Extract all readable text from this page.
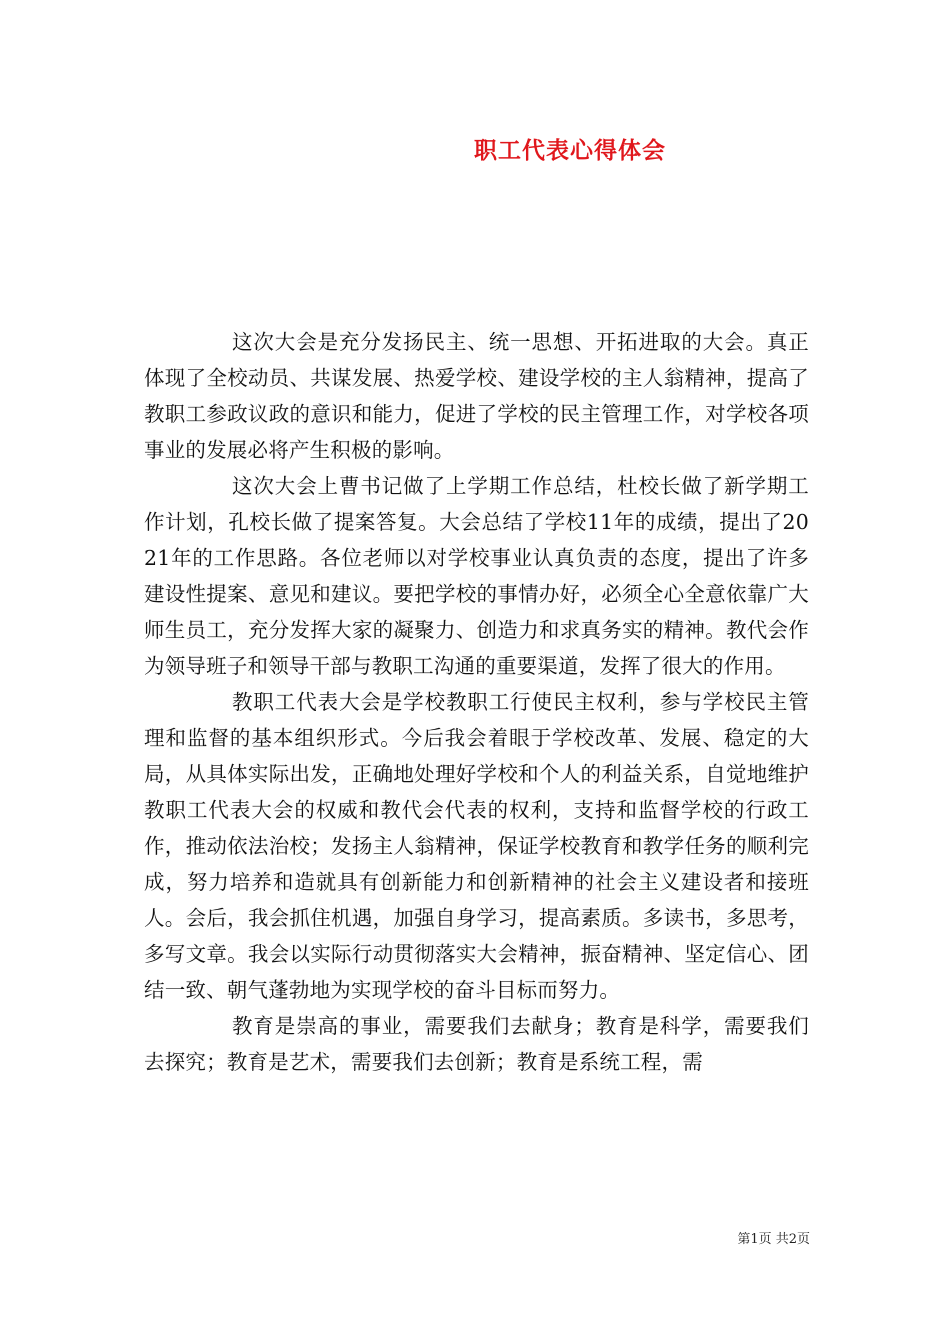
职工代表心得体会

这次大会是充分发扬民主、统一思想、开拓进取的大会。真正体现了全校动员、共谋发展、热爱学校、建设学校的主人翁精神，提高了教职工参政议政的意识和能力，促进了学校的民主管理工作，对学校各项事业的发展必将产生积极的影响。

这次大会上曹书记做了上学期工作总结，杜校长做了新学期工作计划，孔校长做了提案答复。大会总结了学校11年的成绩，提出了2021年的工作思路。各位老师以对学校事业认真负责的态度，提出了许多建设性提案、意见和建议。要把学校的事情办好，必须全心全意依靠广大师生员工，充分发挥大家的凝聚力、创造力和求真务实的精神。教代会作为领导班子和领导干部与教职工沟通的重要渠道，发挥了很大的作用。

教职工代表大会是学校教职工行使民主权利，参与学校民主管理和监督的基本组织形式。今后我会着眼于学校改革、发展、稳定的大局，从具体实际出发，正确地处理好学校和个人的利益关系，自觉地维护教职工代表大会的权威和教代会代表的权利，支持和监督学校的行政工作，推动依法治校；发扬主人翁精神，保证学校教育和教学任务的顺利完成，努力培养和造就具有创新能力和创新精神的社会主义建设者和接班人。会后，我会抓住机遇，加强自身学习，提高素质。多读书，多思考，多写文章。我会以实际行动贯彻落实大会精神，振奋精神、坚定信心、团结一致、朝气蓬勃地为实现学校的奋斗目标而努力。

教育是崇高的事业，需要我们去献身；教育是科学，需要我们去探究；教育是艺术，需要我们去创新；教育是系统工程，需

第1页 共2页
